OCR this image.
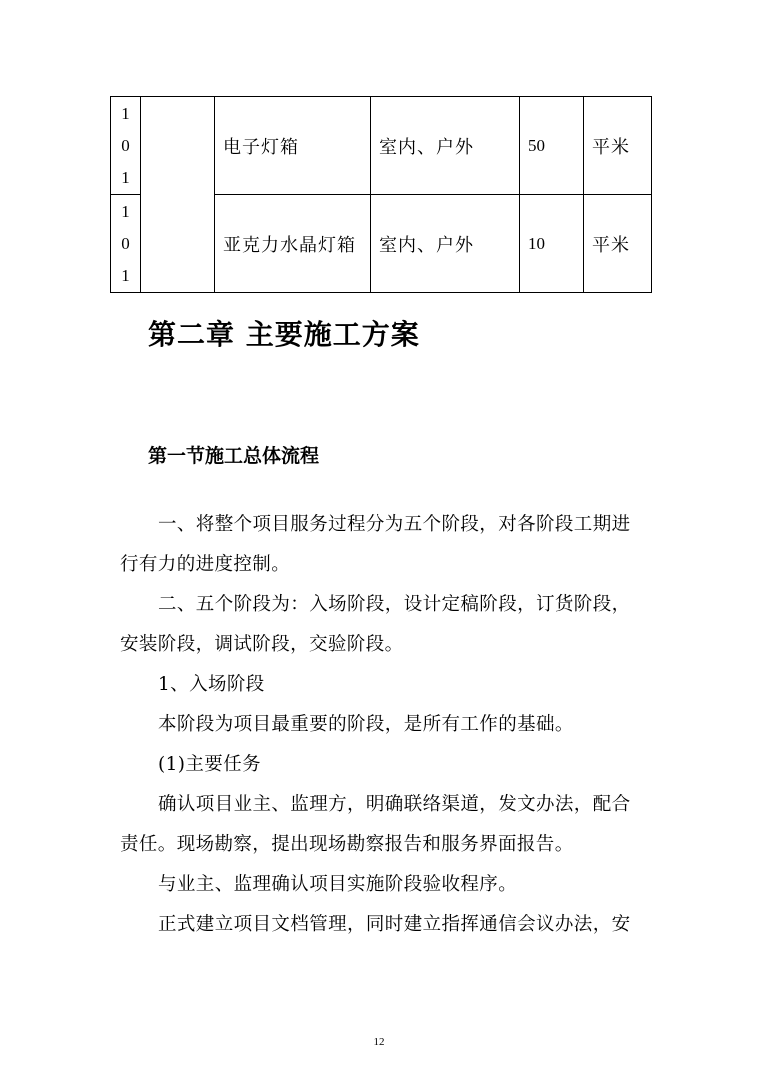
1
0
1		电子灯箱	室内、户外	50	平米

1
0
1		亚克力水晶灯箱	室内、户外	10	平米
第二章 主要施工方案
第一节施工总体流程

一、将整个项目服务过程分为五个阶段，对各阶段工期进

行有力的进度控制。

二、五个阶段为：入场阶段，设计定稿阶段，订货阶段，

安装阶段，调试阶段，交验阶段。

1、入场阶段

本阶段为项目最重要的阶段，是所有工作的基础。

(1)主要任务

确认项目业主、监理方，明确联络渠道，发文办法，配合

责任。现场勘察，提出现场勘察报告和服务界面报告。

与业主、监理确认项目实施阶段验收程序。

正式建立项目文档管理，同时建立指挥通信会议办法，安

12
